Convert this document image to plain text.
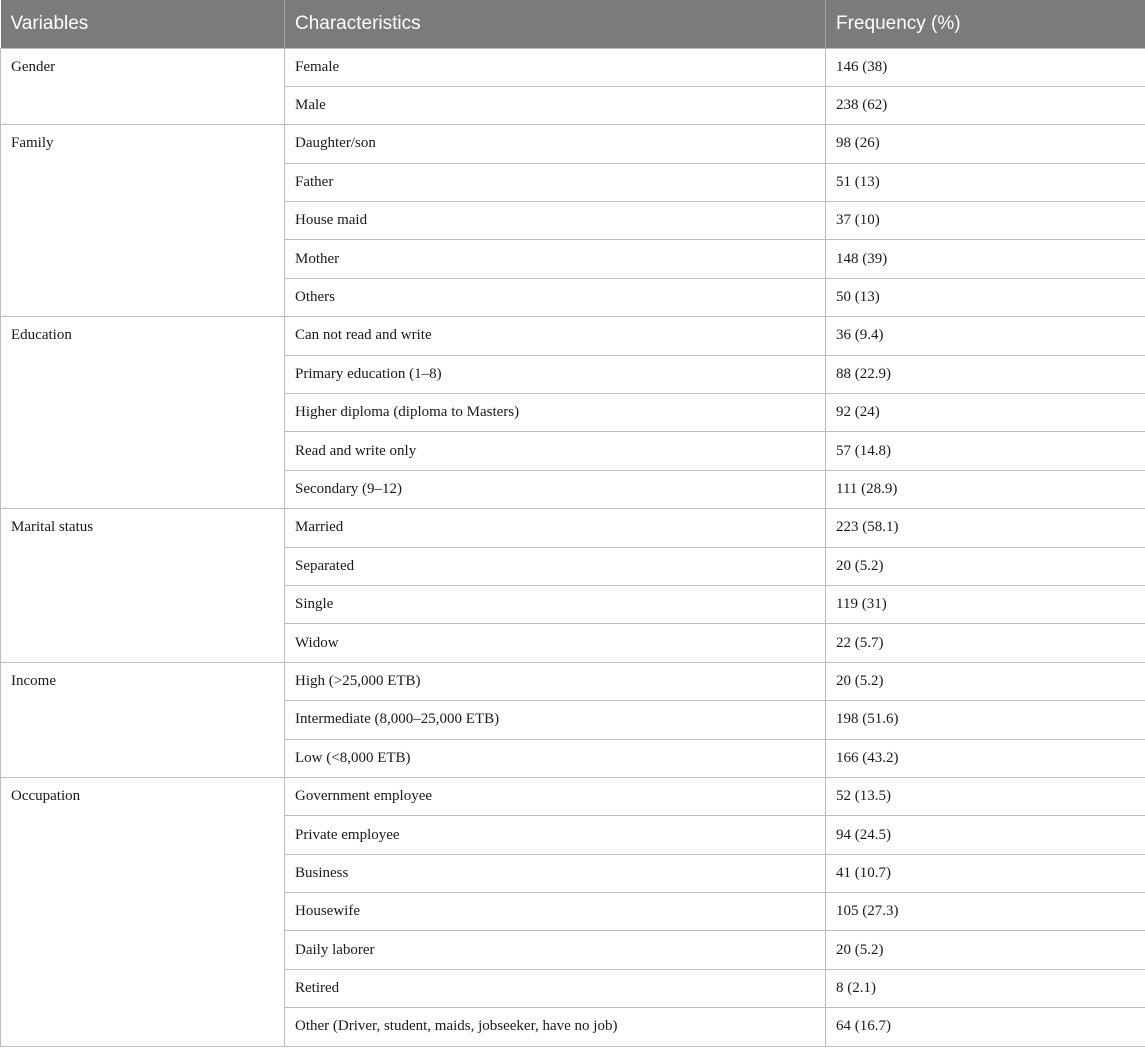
Variables	Characteristics	Frequency (%)
Gender	Female	146 (38)
	Male	238 (62)
Family	Daughter/son	98 (26)
	Father	51 (13)
	House maid	37 (10)
	Mother	148 (39)
	Others	50 (13)
Education	Can not read and write	36 (9.4)
	Primary education (1–8)	88 (22.9)
	Higher diploma (diploma to Masters)	92 (24)
	Read and write only	57 (14.8)
	Secondary (9–12)	111 (28.9)
Marital status	Married	223 (58.1)
	Separated	20 (5.2)
	Single	119 (31)
	Widow	22 (5.7)
Income	High (>25,000 ETB)	20 (5.2)
	Intermediate (8,000–25,000 ETB)	198 (51.6)
	Low (<8,000 ETB)	166 (43.2)
Occupation	Government employee	52 (13.5)
	Private employee	94 (24.5)
	Business	41 (10.7)
	Housewife	105 (27.3)
	Daily laborer	20 (5.2)
	Retired	8 (2.1)
	Other (Driver, student, maids, jobseeker, have no job)	64 (16.7)
